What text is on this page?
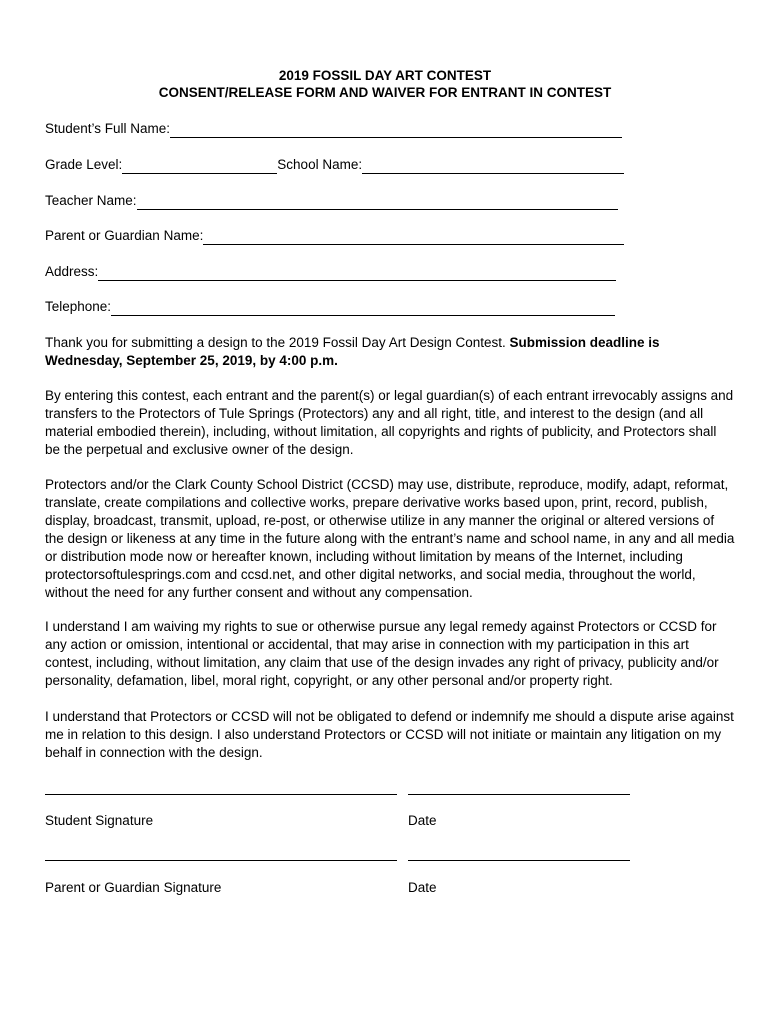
2019 FOSSIL DAY ART CONTEST
CONSENT/RELEASE FORM AND WAIVER FOR ENTRANT IN CONTEST
Student’s Full Name:
Grade Level:	School Name:
Teacher Name:
Parent or Guardian Name:
Address:
Telephone:

Thank you for submitting a design to the 2019 Fossil Day Art Design Contest. Submission deadline is Wednesday, September 25, 2019, by 4:00 p.m.

By entering this contest, each entrant and the parent(s) or legal guardian(s) of each entrant irrevocably assigns and transfers to the Protectors of Tule Springs (Protectors) any and all right, title, and interest to the design (and all material embodied therein), including, without limitation, all copyrights and rights of publicity, and Protectors shall be the perpetual and exclusive owner of the design.

Protectors and/or the Clark County School District (CCSD) may use, distribute, reproduce, modify, adapt, reformat, translate, create compilations and collective works, prepare derivative works based upon, print, record, publish, display, broadcast, transmit, upload, re-post, or otherwise utilize in any manner the original or altered versions of the design or likeness at any time in the future along with the entrant’s name and school name, in any and all media or distribution mode now or hereafter known, including without limitation by means of the Internet, including protectorsoftulesprings.com and ccsd.net, and other digital networks, and social media, throughout the world, without the need for any further consent and without any compensation.

I understand I am waiving my rights to sue or otherwise pursue any legal remedy against Protectors or CCSD for any action or omission, intentional or accidental, that may arise in connection with my participation in this art contest, including, without limitation, any claim that use of the design invades any right of privacy, publicity and/or personality, defamation, libel, moral right, copyright, or any other personal and/or property right.

I understand that Protectors or CCSD will not be obligated to defend or indemnify me should a dispute arise against me in relation to this design. I also understand Protectors or CCSD will not initiate or maintain any litigation on my behalf in connection with the design.

Student Signature	Date
Parent or Guardian Signature	Date
